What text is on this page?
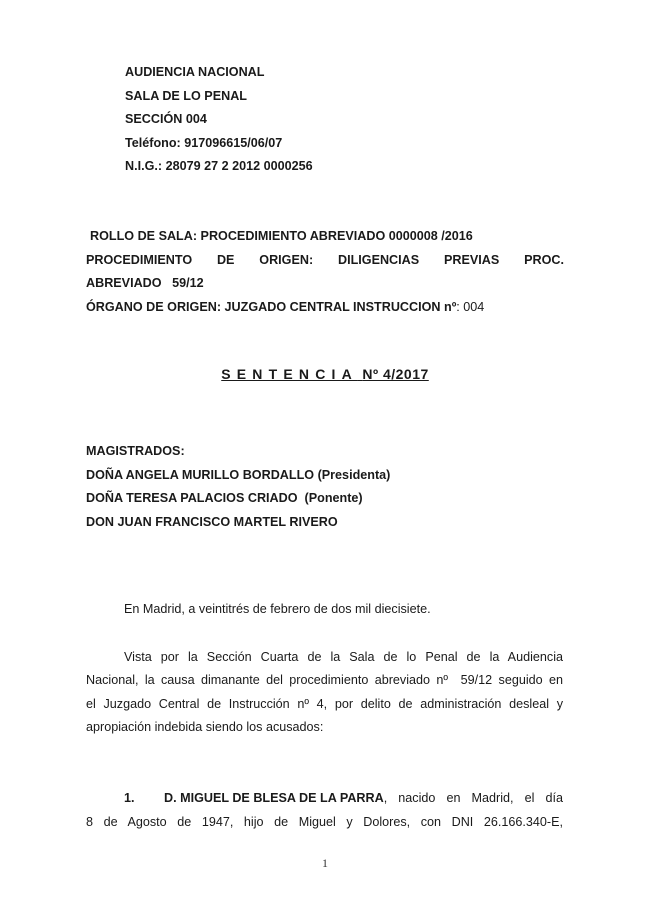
AUDIENCIA NACIONAL
SALA DE LO PENAL
SECCIÓN 004
Teléfono: 917096615/06/07
N.I.G.: 28079 27 2 2012 0000256
ROLLO DE SALA: PROCEDIMIENTO ABREVIADO 0000008 /2016
PROCEDIMIENTO DE ORIGEN: DILIGENCIAS PREVIAS PROC.
ABREVIADO   59/12
ÓRGANO DE ORIGEN: JUZGADO CENTRAL INSTRUCCION nº: 004
SENTENCIA Nº 4/2017
MAGISTRADOS:
DOÑA ANGELA MURILLO BORDALLO (Presidenta)
DOÑA TERESA PALACIOS CRIADO  (Ponente)
DON JUAN FRANCISCO MARTEL RIVERO
En Madrid, a veintitrés de febrero de dos mil diecisiete.
Vista por la Sección Cuarta de la Sala de lo Penal de la Audiencia
Nacional, la causa dimanante del procedimiento abreviado nº  59/12 seguido en
el Juzgado Central de Instrucción nº 4, por delito de administración desleal y
apropiación indebida siendo los acusados:
1.	D. MIGUEL DE BLESA DE LA PARRA , nacido en Madrid, el día
8 de Agosto de 1947, hijo de Miguel y Dolores, con DNI 26.166.340-E,
1
